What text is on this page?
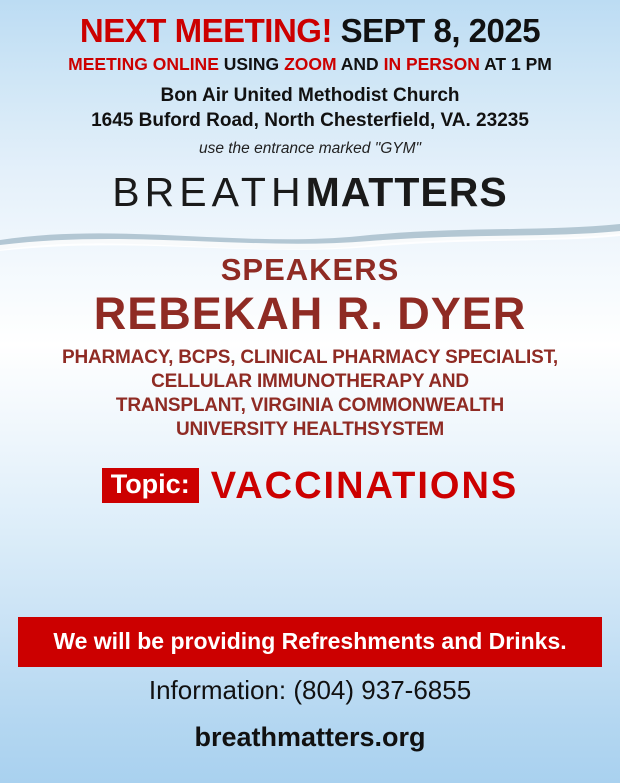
NEXT MEETING! SEPT 8, 2025
MEETING ONLINE USING ZOOM AND IN PERSON AT 1 PM
Bon Air United Methodist Church
1645 Buford Road, North Chesterfield, VA. 23235
use the entrance marked "GYM"
BREATHMATTERS
SPEAKERS
REBEKAH R. DYER
PHARMACY, BCPS, CLINICAL PHARMACY SPECIALIST,
CELLULAR IMMUNOTHERAPY AND
TRANSPLANT, VIRGINIA COMMONWEALTH
UNIVERSITY HEALTHSYSTEM
Topic: VACCINATIONS
We will be providing Refreshments and Drinks.
Information: (804) 937-6855
breathmatters.org
